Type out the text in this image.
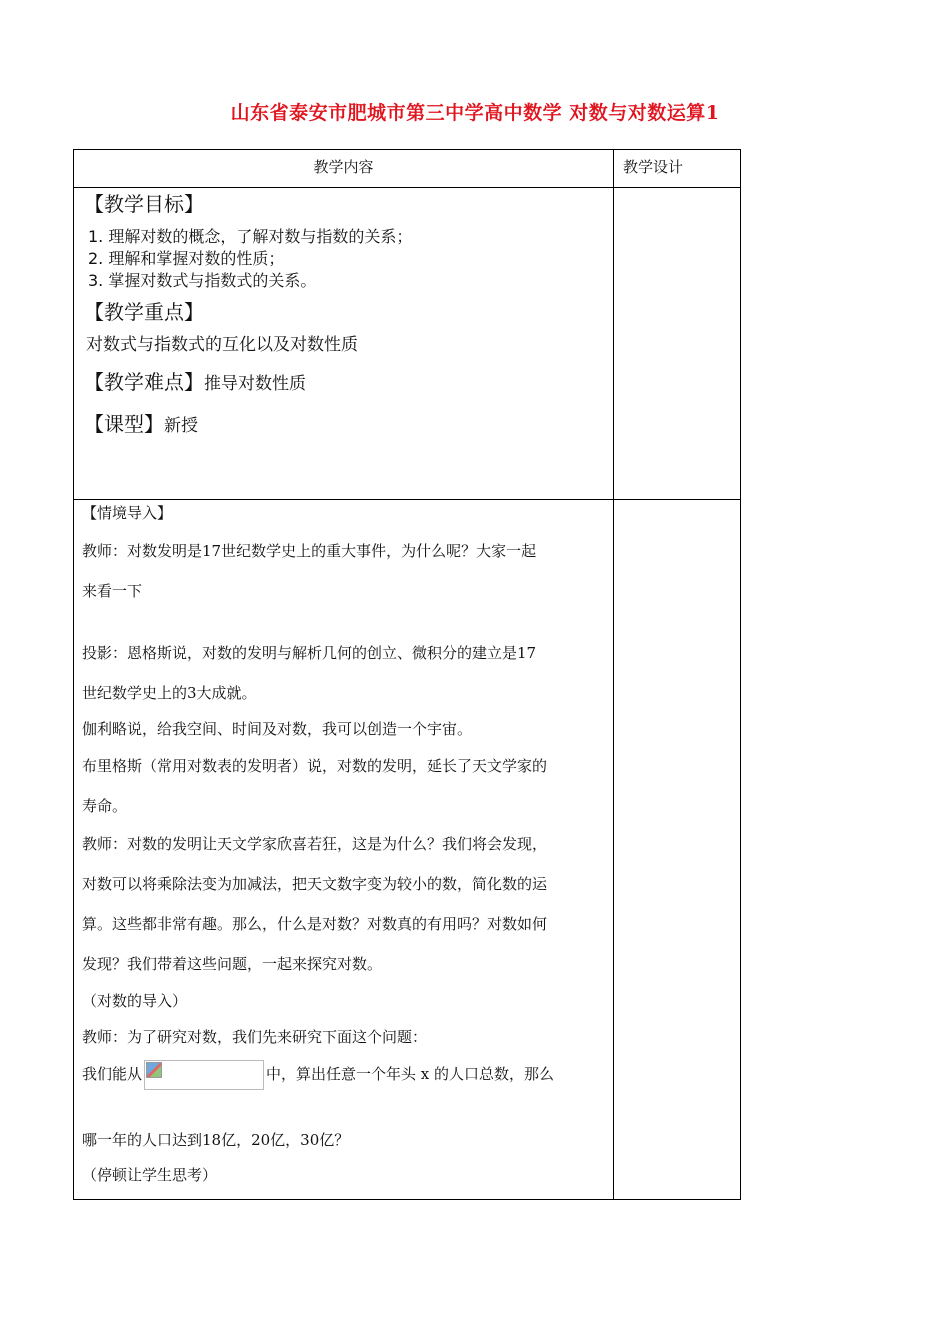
山东省泰安市肥城市第三中学高中数学 对数与对数运算1
教学内容	教学设计
【教学目标】
1. 理解对数的概念，了解对数与指数的关系；
2. 理解和掌握对数的性质；
3. 掌握对数式与指数式的关系。
【教学重点】
对数式与指数式的互化以及对数性质
【教学难点】推导对数性质
【课型】新授
【情境导入】
教师：对数发明是17世纪数学史上的重大事件，为什么呢？大家一起
来看一下
投影：恩格斯说，对数的发明与解析几何的创立、微积分的建立是17
世纪数学史上的3大成就。
伽利略说，给我空间、时间及对数，我可以创造一个宇宙。
布里格斯（常用对数表的发明者）说，对数的发明，延长了天文学家的
寿命。
教师：对数的发明让天文学家欣喜若狂，这是为什么？我们将会发现，
对数可以将乘除法变为加减法，把天文数字变为较小的数，简化数的运
算。这些都非常有趣。那么，什么是对数？对数真的有用吗？对数如何
发现？我们带着这些问题，一起来探究对数。
（对数的导入）
教师：为了研究对数，我们先来研究下面这个问题：
我们能从	中，算出任意一个年头 x 的人口总数，那么
哪一年的人口达到18亿，20亿，30亿？
（停顿让学生思考）
